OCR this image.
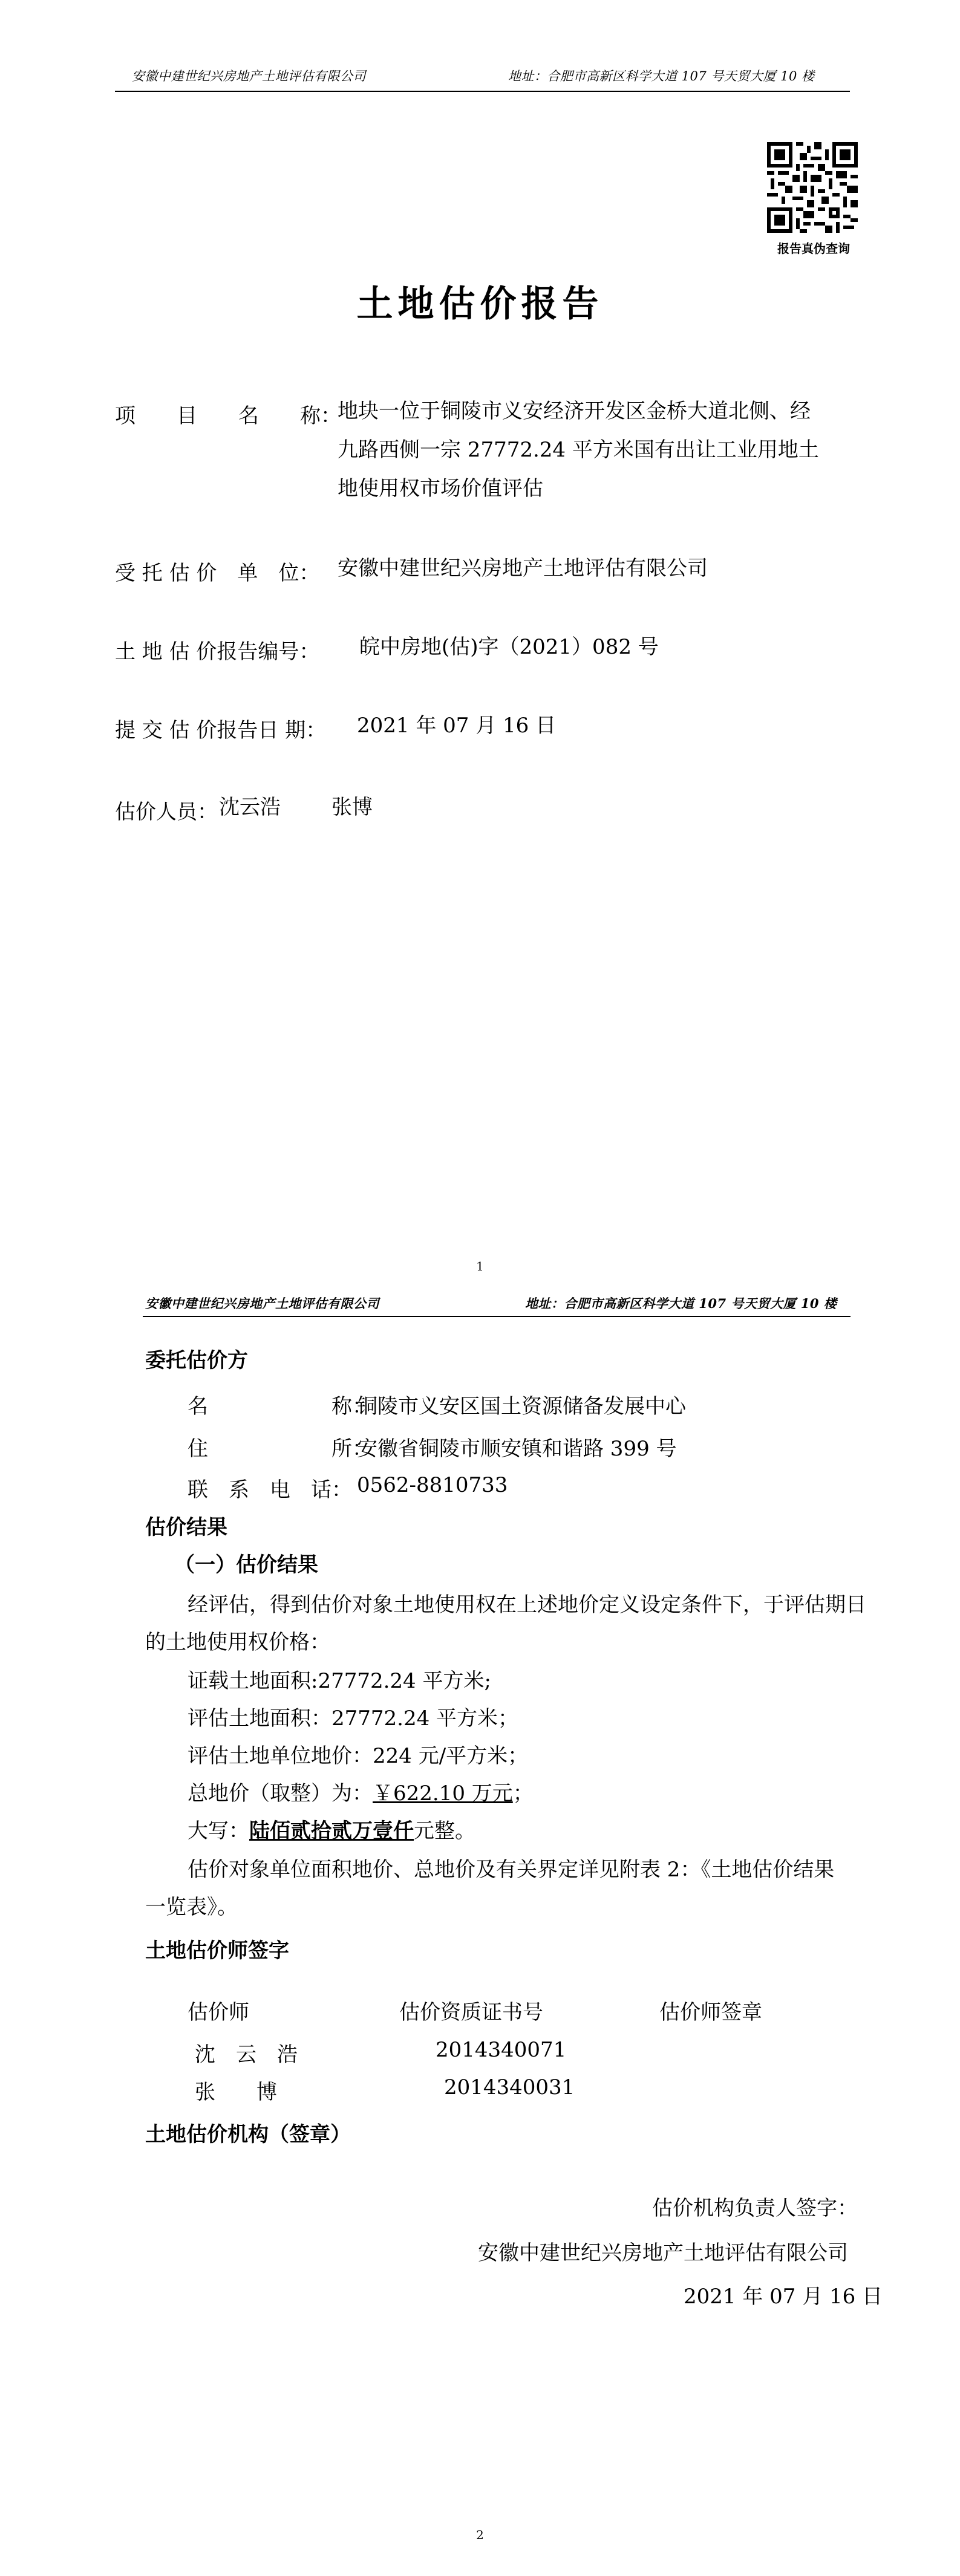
安徽中建世纪兴房地产土地评估有限公司	地址：合肥市高新区科学大道 107 号天贸大厦 10 楼
报告真伪查询
土地估价报告
项　　目　　名　　称：
地块一位于铜陵市义安经济开发区金桥大道北侧、经
九路西侧一宗 27772.24 平方米国有出让工业用地土
地使用权市场价值评估
受 托 估 价　单　位： 安徽中建世纪兴房地产土地评估有限公司
土 地 估 价报告编号： 皖中房地(估)字（2021）082 号
提 交 估 价报告日 期： 2021 年 07 月 16 日
估价人员： 沈云浩 张博
1
安徽中建世纪兴房地产土地评估有限公司	地址：合肥市高新区科学大道 107 号天贸大厦 10 楼
委托估价方
名　　　　　　称：
铜陵市义安区国土资源储备发展中心
住　　　　　　所：
安徽省铜陵市顺安镇和谐路 399 号
联　系　电　话： 0562-8810733
估价结果
（一）估价结果
经评估，得到估价对象土地使用权在上述地价定义设定条件下，于评估期日
的土地使用权价格：
证载土地面积:27772.24 平方米;
评估土地面积：27772.24 平方米；
评估土地单位地价：224 元/平方米；
总地价（取整）为：￥622.10 万元；
大写：陆佰贰拾贰万壹仟元整。
估价对象单位面积地价、总地价及有关界定详见附表 2：《土地估价结果
一览表》。
土地估价师签字
估价师	估价资质证书号	估价师签章
沈　云　浩	2014340071
张　　博	2014340031
土地估价机构（签章）
估价机构负责人签字：
安徽中建世纪兴房地产土地评估有限公司
2021 年 07 月 16 日
2
